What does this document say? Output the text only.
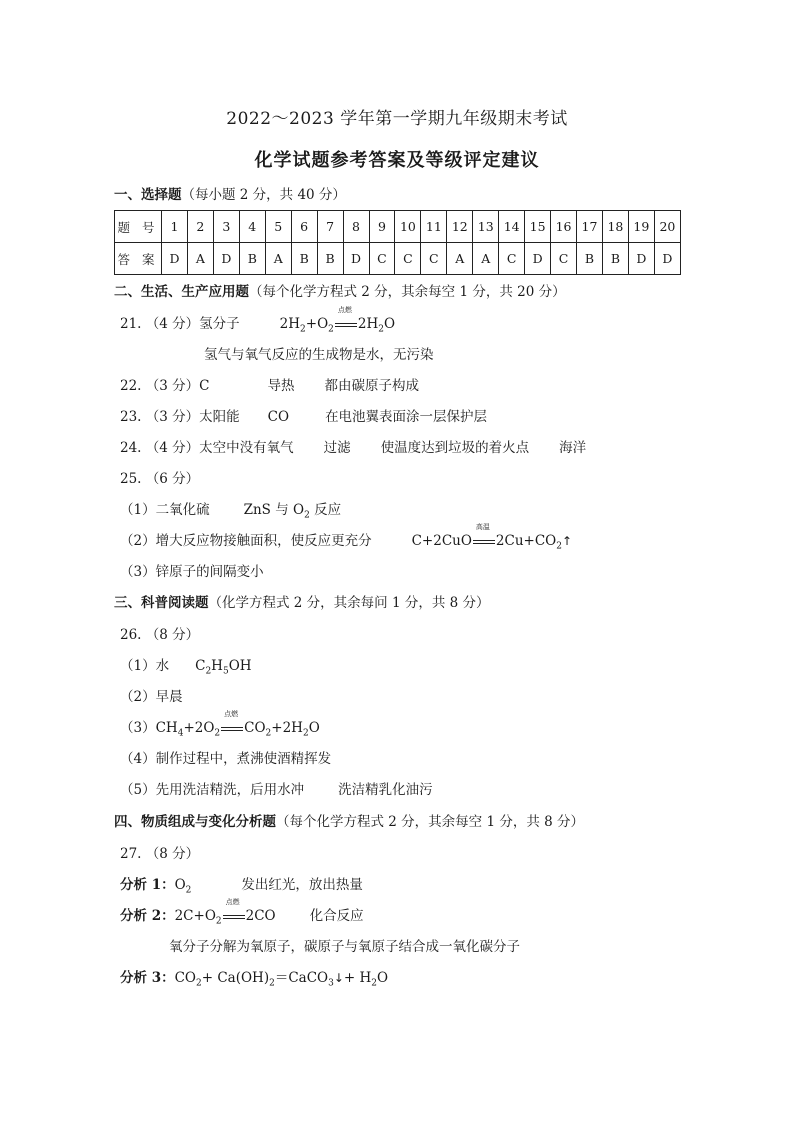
2022～2023 学年第一学期九年级期末考试
化学试题参考答案及等级评定建议
一、选择题（每小题 2 分，共 40 分）
题 号	1	2	3	4	5	6	7	8	9	10	11	12	13	14	15	16	17	18	19	20
答 案	D	A	D	B	A	B	B	D	C	C	C	A	A	C	D	C	B	B	D	D
二、生活、生产应用题（每个化学方程式 2 分，其余每空 1 分，共 20 分）
21. （4 分）氢分子	$2H_2+O_2$
点燃
$2H_2O$
氢气与氧气反应的生成物是水，无污染
22. （3 分）C	导热 都由碳原子构成
23. （3 分）太阳能 CO	在电池翼表面涂一层保护层
24. （4 分）太空中没有氧气 过滤 使温度达到垃圾的着火点 海洋
25. （6 分）
（1）二氧化硫	ZnS 与 $O_2$ 反应
（2）增大反应物接触面积，使反应更充分	C+2CuO
高温
$2Cu+CO_2↑$
（3）锌原子的间隔变小
三、科普阅读题（化学方程式 2 分，其余每问 1 分，共 8 分）
26. （8 分）
（1）水 $C_2H_5OH$
（2）早晨
$(3)CH_4+2O_2$
点燃
$CO_2+2H_2O$
（4）制作过程中，煮沸使酒精挥发
（5）先用洗洁精洗，后用水冲	洗洁精乳化油污
四、物质组成与变化分析题（每个化学方程式 2 分，其余每空 1 分，共 8 分）
27. （8 分）
分析 1：$O_2$	发出红光，放出热量
分析 2：$2C+O_2$
点燃
2CO	化合反应
氧分子分解为氧原子，碳原子与氧原子结合成一氧化碳分子
分析 3：$CO_2+$ $Ca(OH)_2=CaCO_3↓+ H_2O$
